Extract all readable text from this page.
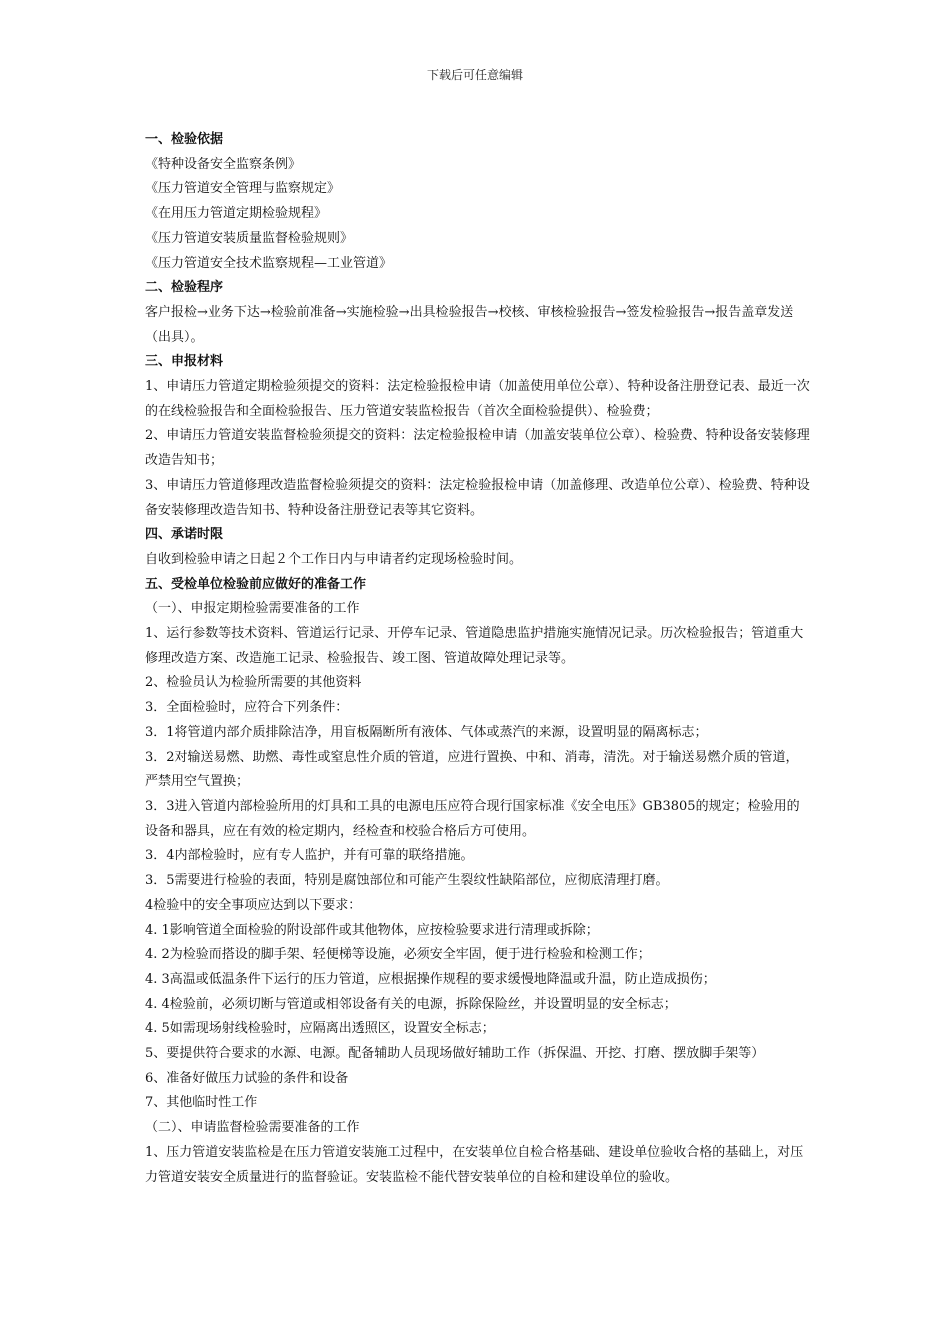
下载后可任意编辑

一、检验依据

《特种设备安全监察条例》

《压力管道安全管理与监察规定》

《在用压力管道定期检验规程》

《压力管道安装质量监督检验规则》

《压力管道安全技术监察规程—工业管道》

二、检验程序

客户报检→业务下达→检验前准备→实施检验→出具检验报告→校核、审核检验报告→签发检验报告→报告盖章发送（出具）。

三、申报材料

1、申请压力管道定期检验须提交的资料：法定检验报检申请（加盖使用单位公章）、特种设备注册登记表、最近一次的在线检验报告和全面检验报告、压力管道安装监检报告（首次全面检验提供）、检验费；

2、申请压力管道安装监督检验须提交的资料：法定检验报检申请（加盖安装单位公章）、检验费、特种设备安装修理改造告知书；

3、申请压力管道修理改造监督检验须提交的资料：法定检验报检申请（加盖修理、改造单位公章）、检验费、特种设备安装修理改造告知书、特种设备注册登记表等其它资料。

四、承诺时限

自收到检验申请之日起２个工作日内与申请者约定现场检验时间。

五、受检单位检验前应做好的准备工作

（一）、申报定期检验需要准备的工作

1、运行参数等技术资料、管道运行记录、开停车记录、管道隐患监护措施实施情况记录。历次检验报告；管道重大修理改造方案、改造施工记录、检验报告、竣工图、管道故障处理记录等。

2、检验员认为检验所需要的其他资料

3．全面检验时，应符合下列条件：

3．1将管道内部介质排除洁净，用盲板隔断所有液体、气体或蒸汽的来源，设置明显的隔离标志；

3．2对输送易燃、助燃、毒性或窒息性介质的管道，应进行置换、中和、消毒，清洗。对于输送易燃介质的管道，严禁用空气置换；

3．3进入管道内部检验所用的灯具和工具的电源电压应符合现行国家标准《安全电压》GB3805的规定；检验用的设备和器具，应在有效的检定期内，经检查和校验合格后方可使用。

3．4内部检验时，应有专人监护，并有可靠的联络措施。

3．5需要进行检验的表面，特别是腐蚀部位和可能产生裂纹性缺陷部位，应彻底清理打磨。

4检验中的安全事项应达到以下要求：

4. 1影响管道全面检验的附设部件或其他物体，应按检验要求进行清理或拆除；

4. 2为检验而搭设的脚手架、轻便梯等设施，必须安全牢固，便于进行检验和检测工作；

4. 3高温或低温条件下运行的压力管道，应根据操作规程的要求缓慢地降温或升温，防止造成损伤；

4. 4检验前，必须切断与管道或相邻设备有关的电源，拆除保险丝，并设置明显的安全标志；

4. 5如需现场射线检验时，应隔离出透照区，设置安全标志；

5、要提供符合要求的水源、电源。配备辅助人员现场做好辅助工作（拆保温、开挖、打磨、摆放脚手架等）

6、准备好做压力试验的条件和设备

7、其他临时性工作

（二）、申请监督检验需要准备的工作

1、压力管道安装监检是在压力管道安装施工过程中，在安装单位自检合格基础、建设单位验收合格的基础上，对压力管道安装安全质量进行的监督验证。安装监检不能代替安装单位的自检和建设单位的验收。
